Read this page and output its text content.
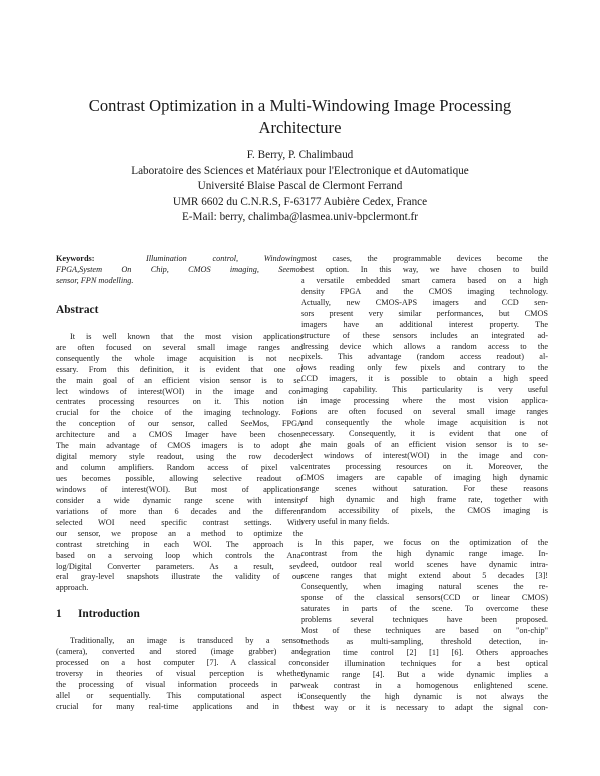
Contrast Optimization in a Multi-Windowing Image Processing
Architecture
F. Berry, P. Chalimbaud
Laboratoire des Sciences et Matériaux pour l'Electronique et dAutomatique
Université Blaise Pascal de Clermont Ferrand
UMR 6602 du C.N.R.S, F-63177 Aubière Cedex, France
E-Mail: berry, chalimba@lasmea.univ-bpclermont.fr
Keywords:	Illumination control, Windowing,
FPGA,System On Chip, CMOS imaging, Seemos
sensor, FPN modelling.
Abstract
It is well known that the most vision applications
are often focused on several small image ranges and
consequently the whole image acquisition is not nec-
essary. From this definition, it is evident that one of
the main goal of an efficient vision sensor is to se-
lect windows of interest(WOI) in the image and con-
centrates processing resources on it. This notion is
crucial for the choice of the imaging technology. For
the conception of our sensor, called SeeMos, FPGA
architecture and a CMOS Imager have been chosen.
The main advantage of CMOS imagers is to adopt a
digital memory style readout, using the row decoders
and column amplifiers. Random access of pixel val-
ues becomes possible, allowing selective readout of
windows of interest(WOI). But most of applications
consider a wide dynamic range scene with intensity
variations of more than 6 decades and the different
selected WOI need specific contrast settings. With
our sensor, we propose an a method to optimize the
contrast stretching in each WOI. The approach is
based on a servoing loop which controls the Ana-
log/Digital Converter parameters. As a result, sev-
eral gray-level snapshots illustrate the validity of our
approach.
1 Introduction
Traditionally, an image is transduced by a sensor
(camera), converted and stored (image grabber) and
processed on a host computer [7]. A classical con-
troversy in theories of visual perception is whether
the processing of visual information proceeds in par-
allel or sequentially. This computational aspect is
crucial for many real-time applications and in the
most cases, the programmable devices become the
best option. In this way, we have chosen to build
a versatile embedded smart camera based on a high
density FPGA and the CMOS imaging technology.
Actually, new CMOS-APS imagers and CCD sen-
sors present very similar performances, but CMOS
imagers have an additional interest property. The
structure of these sensors includes an integrated ad-
dressing device which allows a random access to the
pixels. This advantage (random access readout) al-
lows reading only few pixels and contrary to the
CCD imagers, it is possible to obtain a high speed
imaging capability. This particularity is very useful
in image processing where the most vision applica-
tions are often focused on several small image ranges
and consequently the whole image acquisition is not
necessary. Consequently, it is evident that one of
the main goals of an efficient vision sensor is to se-
lect windows of interest(WOI) in the image and con-
centrates processing resources on it. Moreover, the
CMOS imagers are capable of imaging high dynamic
range scenes without saturation. For these reasons
of high dynamic and high frame rate, together with
random accessibility of pixels, the CMOS imaging is
very useful in many fields.
In this paper, we focus on the optimization of the
contrast from the high dynamic range image. In-
deed, outdoor real world scenes have dynamic intra-
scene ranges that might extend about 5 decades [3]!
Consequently, when imaging natural scenes the re-
sponse of the classical sensors(CCD or linear CMOS)
saturates in parts of the scene. To overcome these
problems several techniques have been proposed.
Most of these techniques are based on "on-chip"
methods as multi-sampling, threshold detection, in-
tegration time control [2] [1] [6]. Others approaches
consider illumination techniques for a best optical
dynamic range [4]. But a wide dynamic implies a
weak contrast in a homogenous enlightened scene.
Consequently the high dynamic is not always the
best way or it is necessary to adapt the signal con-
